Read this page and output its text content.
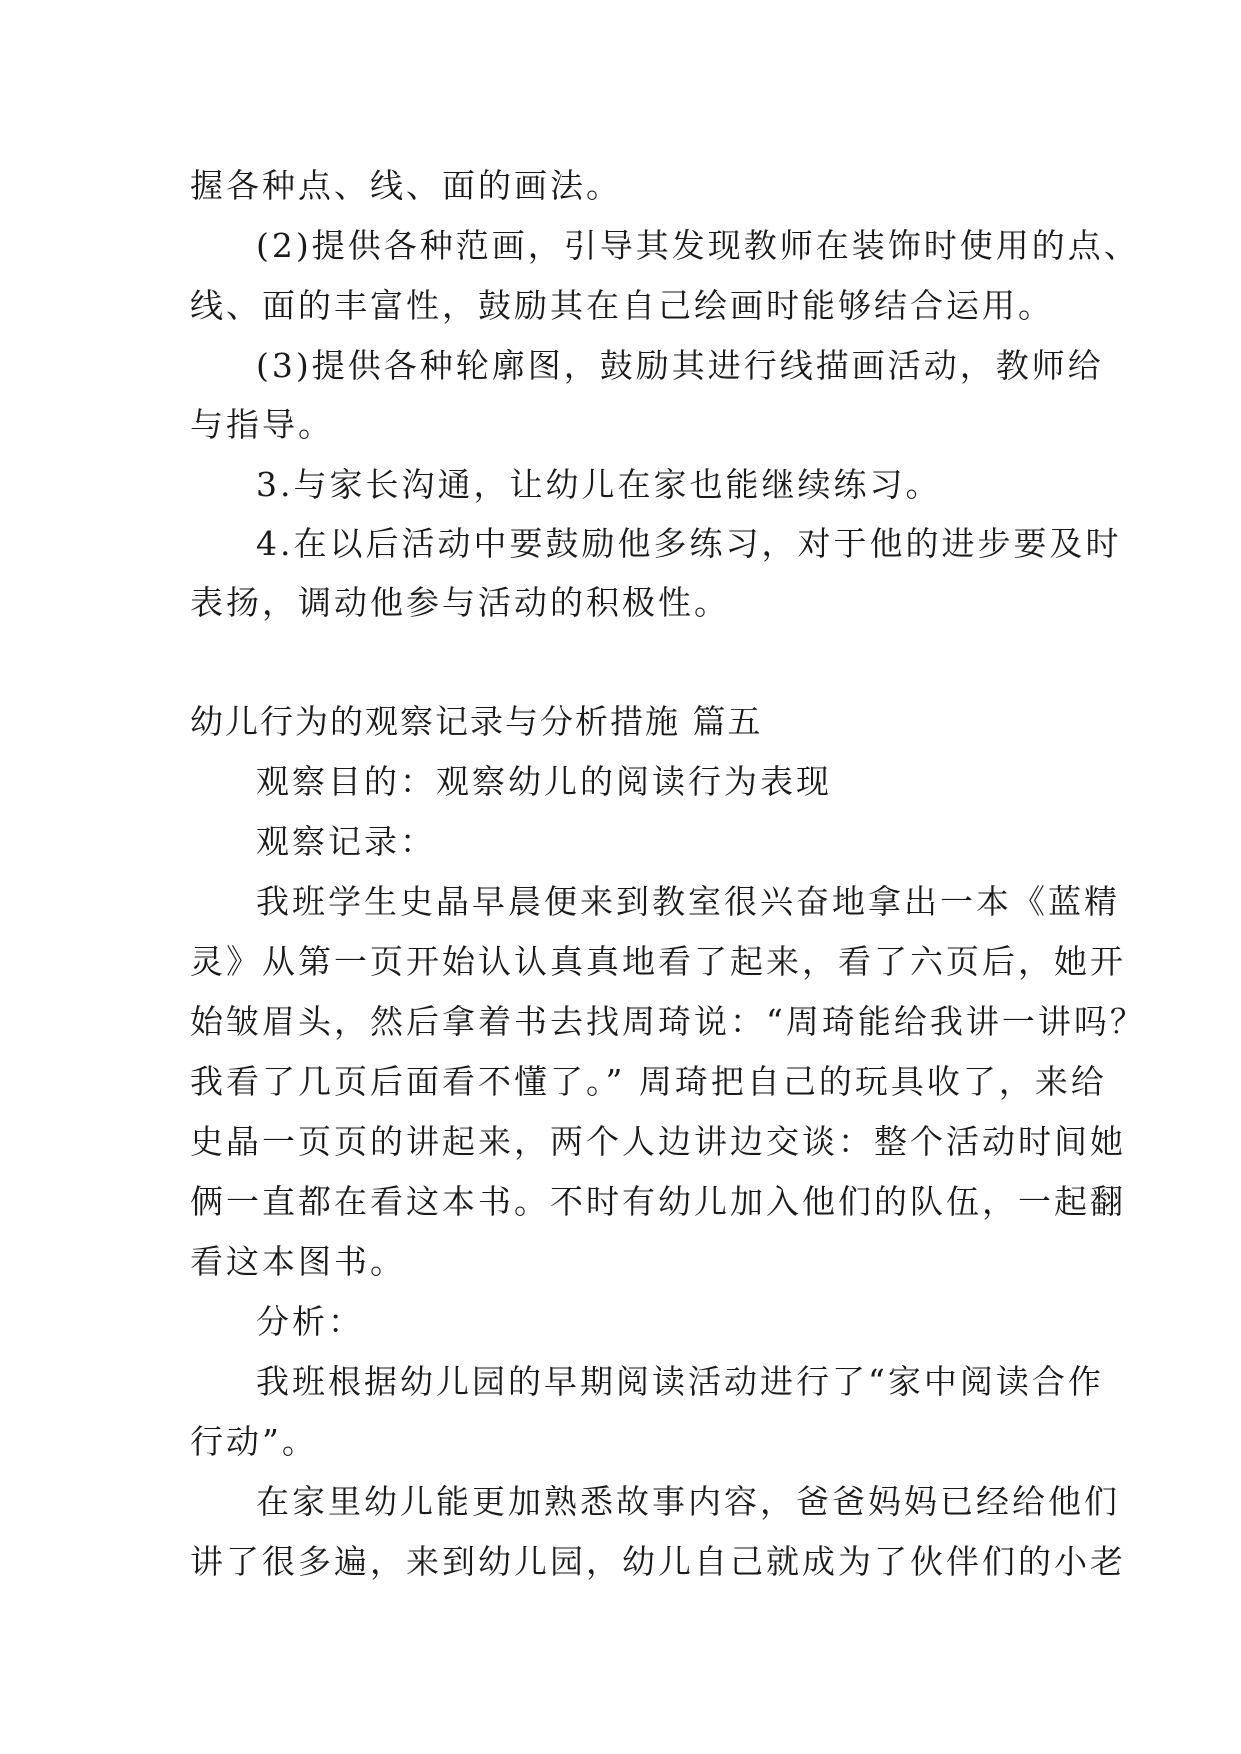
握各种点、线、面的画法。
(2)提供各种范画，引导其发现教师在装饰时使用的点、
线、面的丰富性，鼓励其在自己绘画时能够结合运用。
(3)提供各种轮廓图，鼓励其进行线描画活动，教师给
与指导。
3.与家长沟通，让幼儿在家也能继续练习。
4.在以后活动中要鼓励他多练习，对于他的进步要及时
表扬，调动他参与活动的积极性。
幼儿行为的观察记录与分析措施 篇五
观察目的：观察幼儿的阅读行为表现
观察记录：
我班学生史晶早晨便来到教室很兴奋地拿出一本《蓝精
灵》从第一页开始认认真真地看了起来，看了六页后，她开
始皱眉头，然后拿着书去找周琦说：“周琦能给我讲一讲吗？
我看了几页后面看不懂了。” 周琦把自己的玩具收了，来给
史晶一页页的讲起来，两个人边讲边交谈：整个活动时间她
俩一直都在看这本书。不时有幼儿加入他们的队伍，一起翻
看这本图书。
分析：
我班根据幼儿园的早期阅读活动进行了“家中阅读合作
行动”。
在家里幼儿能更加熟悉故事内容，爸爸妈妈已经给他们
讲了很多遍，来到幼儿园，幼儿自己就成为了伙伴们的小老
